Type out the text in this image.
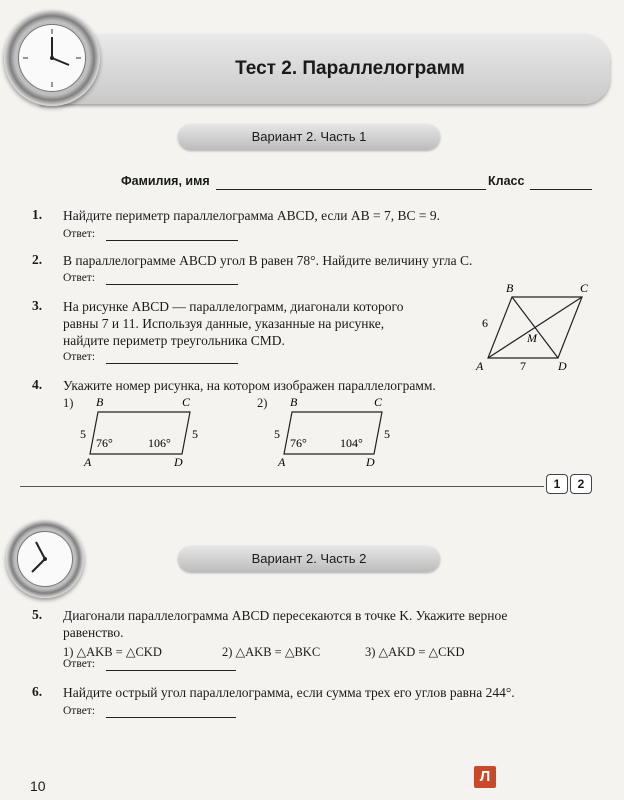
Тест 2. Параллелограмм
Вариант 2. Часть 1
Фамилия, имя	Класс
1. Найдите периметр параллелограмма ABCD, если AB = 7, BC = 9.
Ответ:
2. В параллелограмме ABCD угол B равен 78°. Найдите величину угла C.
Ответ:
3. На рисунке ABCD — параллелограмм, диагонали которого
равны 7 и 11. Используя данные, указанные на рисунке,
найдите периметр треугольника CMD.
Ответ:
B	C
A	D
M
6
7
4. Укажите номер рисунка, на котором изображен параллелограмм.
1) B	C
A	D
5	5
76°	106°
2) B	C
A	D
5	5
76°	104°
1	2
Вариант 2. Часть 2
5. Диагонали параллелограмма ABCD пересекаются в точке K. Укажите верное
равенство.
1) △AKB = △CKD	2) △AKB = △BKC	3) △AKD = △CKD
Ответ:
6. Найдите острый угол параллелограмма, если сумма трех его углов равна 244°.
Ответ:
10
Л
